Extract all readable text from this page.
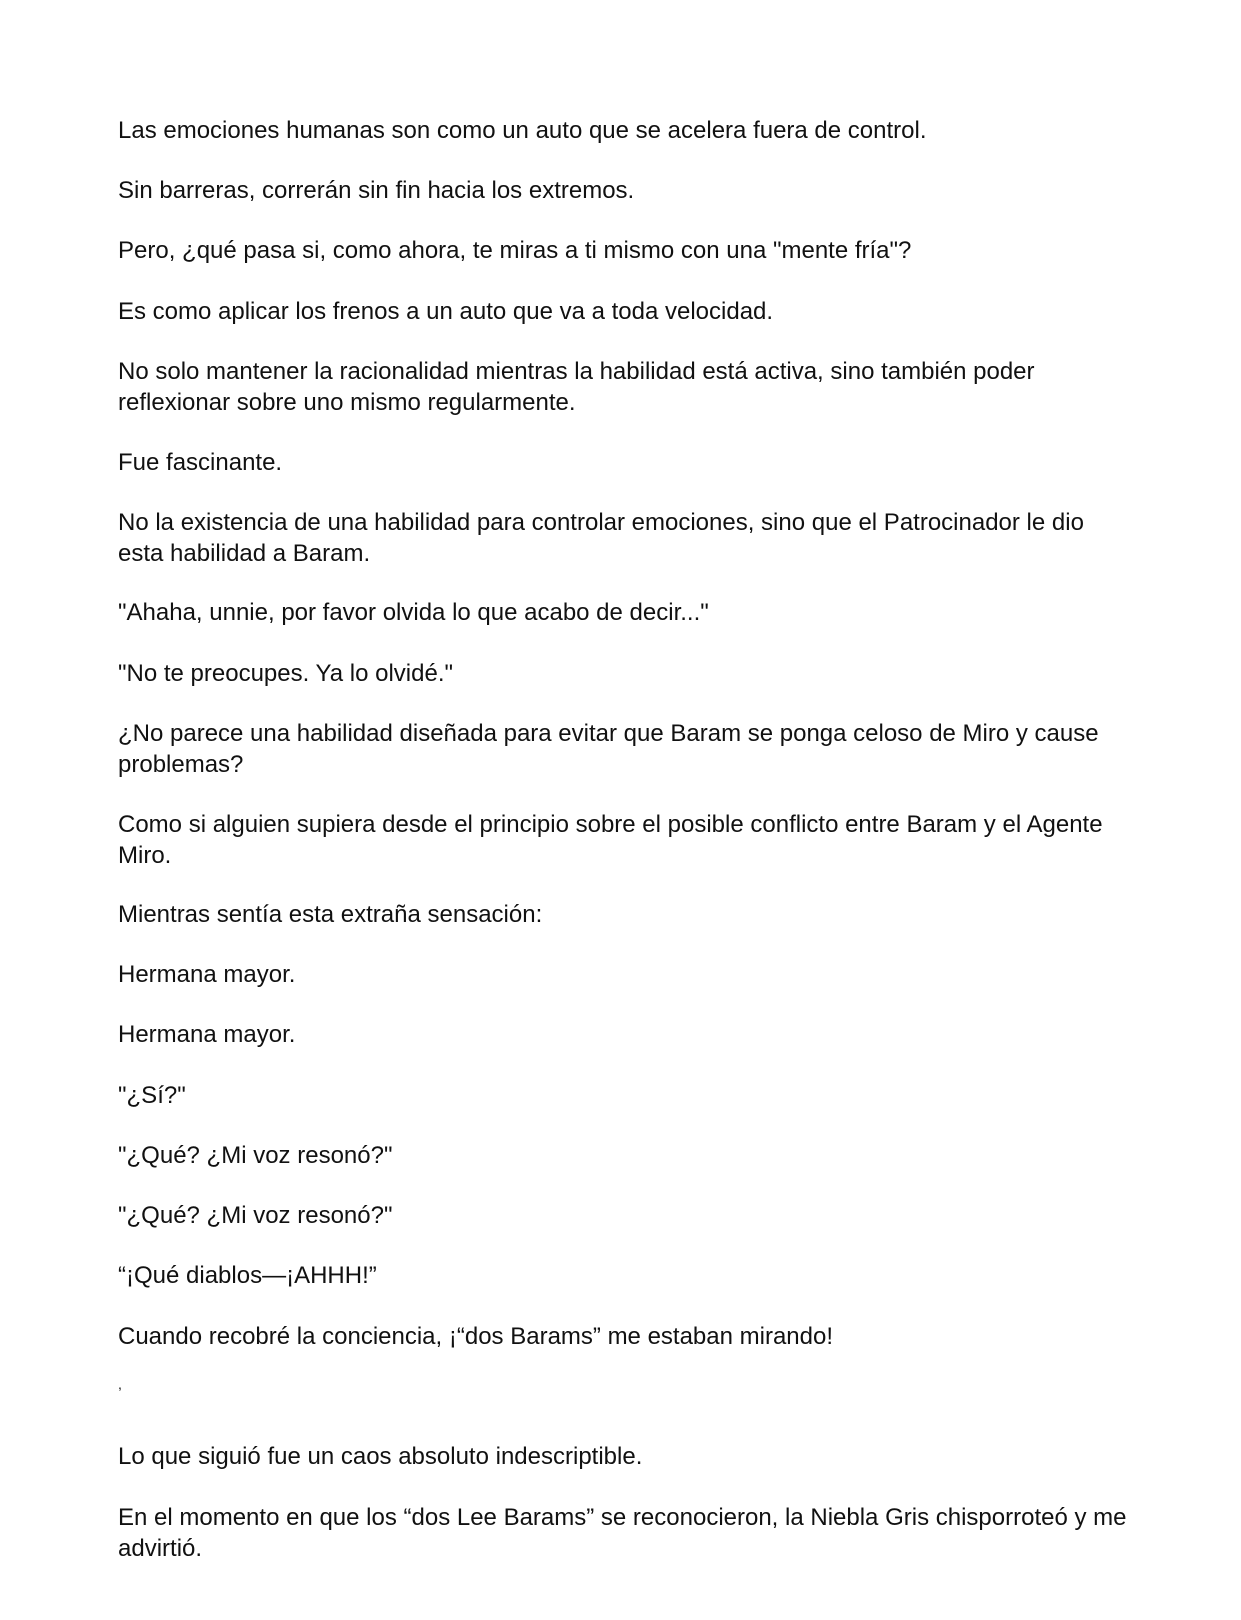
Las emociones humanas son como un auto que se acelera fuera de control.

Sin barreras, correrán sin fin hacia los extremos.

Pero, ¿qué pasa si, como ahora, te miras a ti mismo con una "mente fría"?

Es como aplicar los frenos a un auto que va a toda velocidad.

No solo mantener la racionalidad mientras la habilidad está activa, sino también poder reflexionar sobre uno mismo regularmente.

Fue fascinante.

No la existencia de una habilidad para controlar emociones, sino que el Patrocinador le dio esta habilidad a Baram.

"Ahaha, unnie, por favor olvida lo que acabo de decir..."

"No te preocupes. Ya lo olvidé."

¿No parece una habilidad diseñada para evitar que Baram se ponga celoso de Miro y cause problemas?

Como si alguien supiera desde el principio sobre el posible conflicto entre Baram y el Agente Miro.

Mientras sentía esta extraña sensación:

Hermana mayor.

Hermana mayor.

"¿Sí?"

"¿Qué? ¿Mi voz resonó?"

"¿Qué? ¿Mi voz resonó?"

“¡Qué diablos—¡AHHH!”

Cuando recobré la conciencia, ¡“dos Barams” me estaban mirando!

,

Lo que siguió fue un caos absoluto indescriptible.

En el momento en que los “dos Lee Barams” se reconocieron, la Niebla Gris chisporroteó y me advirtió.
